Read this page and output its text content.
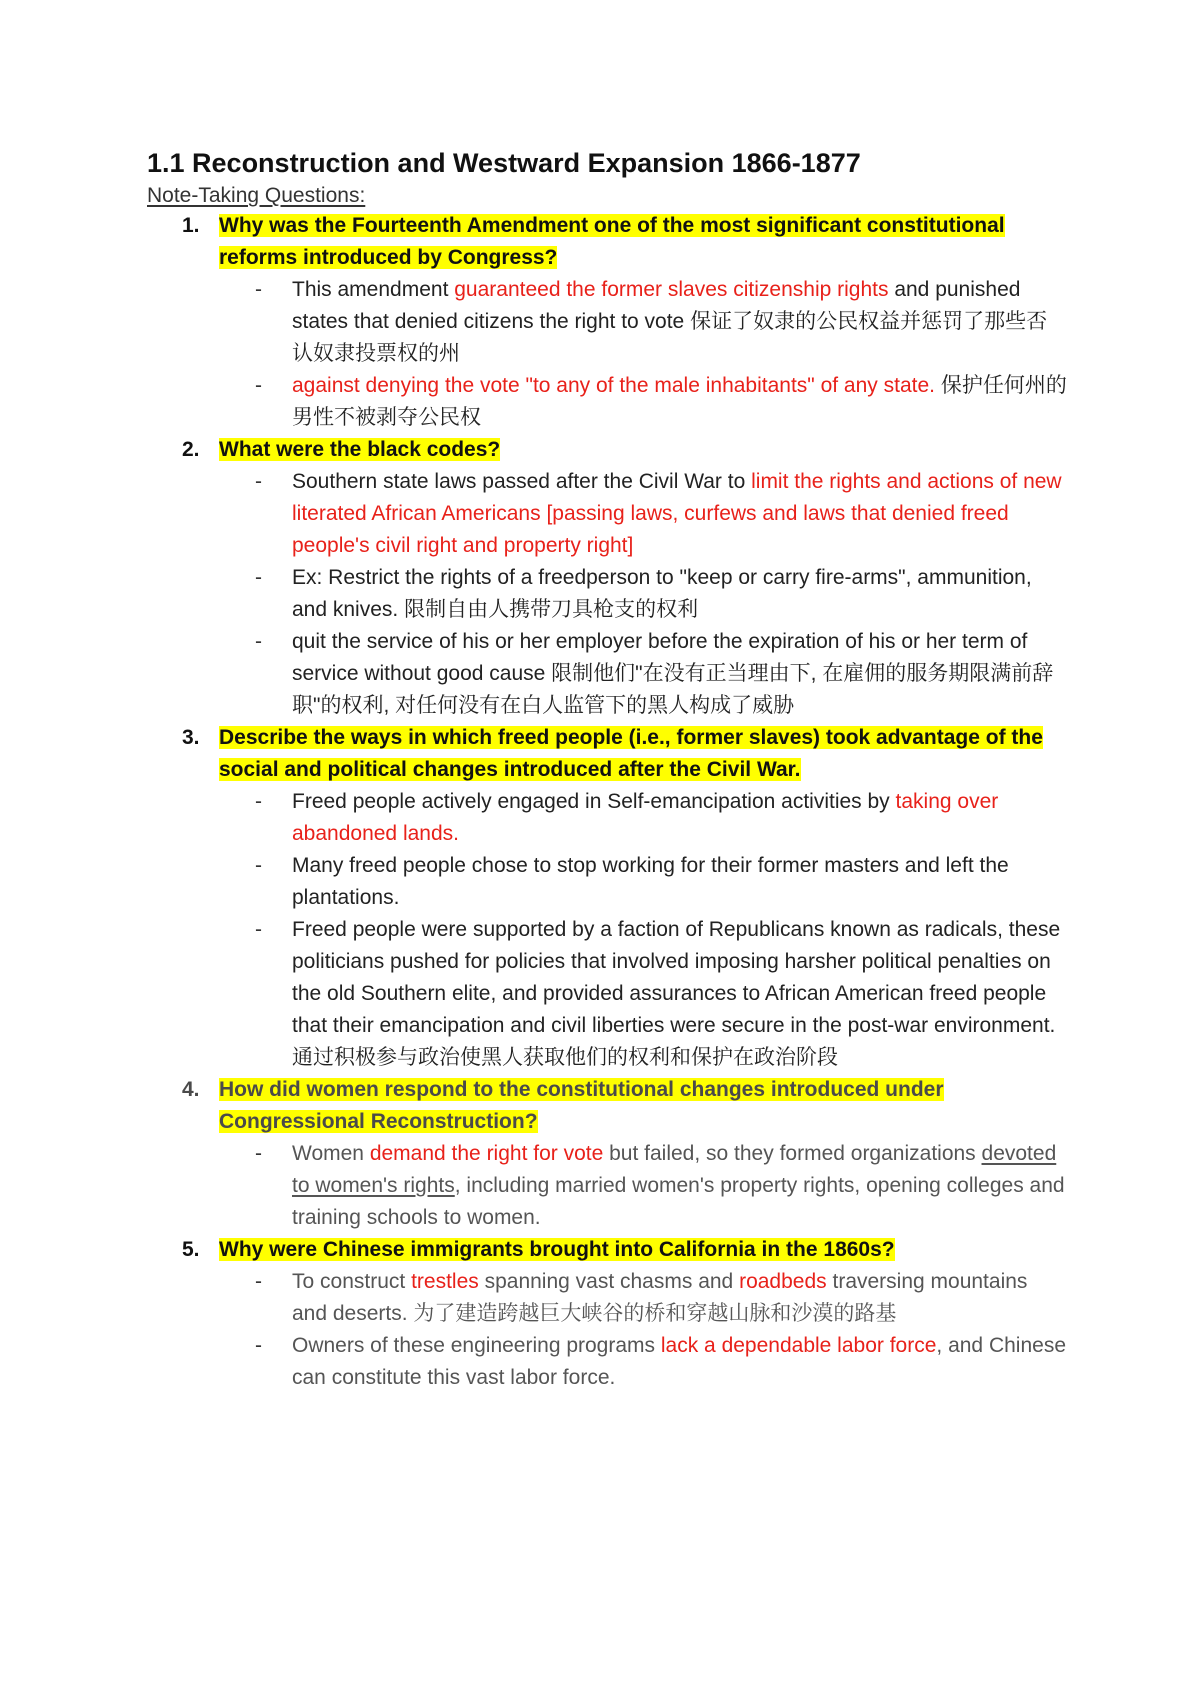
1.1 Reconstruction and Westward Expansion 1866-1877
Note-Taking Questions:
1. Why was the Fourteenth Amendment one of the most significant constitutional reforms introduced by Congress?
- This amendment guaranteed the former slaves citizenship rights and punished states that denied citizens the right to vote 保证了奴隶的公民权益并惩罚了那些否认奴隶投票权的州
- against denying the vote "to any of the male inhabitants" of any state. 保护任何州的男性不被剥夺公民权
2. What were the black codes?
- Southern state laws passed after the Civil War to limit the rights and actions of new literated African Americans [passing laws, curfews and laws that denied freed people's civil right and property right]
- Ex: Restrict the rights of a freedperson to "keep or carry fire-arms", ammunition, and knives. 限制自由人携带刀具枪支的权利
- quit the service of his or her employer before the expiration of his or her term of service without good cause 限制他们"在没有正当理由下, 在雇佣的服务期限满前辞职"的权利, 对任何没有在白人监管下的黑人构成了威胁
3. Describe the ways in which freed people (i.e., former slaves) took advantage of the social and political changes introduced after the Civil War.
- Freed people actively engaged in Self-emancipation activities by taking over abandoned lands.
- Many freed people chose to stop working for their former masters and left the plantations.
- Freed people were supported by a faction of Republicans known as radicals, these politicians pushed for policies that involved imposing harsher political penalties on the old Southern elite, and provided assurances to African American freed people that their emancipation and civil liberties were secure in the post-war environment. 通过积极参与政治使黑人获取他们的权利和保护在政治阶段
4. How did women respond to the constitutional changes introduced under Congressional Reconstruction?
- Women demand the right for vote but failed, so they formed organizations devoted to women's rights, including married women's property rights, opening colleges and training schools to women.
5. Why were Chinese immigrants brought into California in the 1860s?
- To construct trestles spanning vast chasms and roadbeds traversing mountains and deserts. 为了建造跨越巨大峡谷的桥和穿越山脉和沙漠的路基
- Owners of these engineering programs lack a dependable labor force, and Chinese can constitute this vast labor force.
